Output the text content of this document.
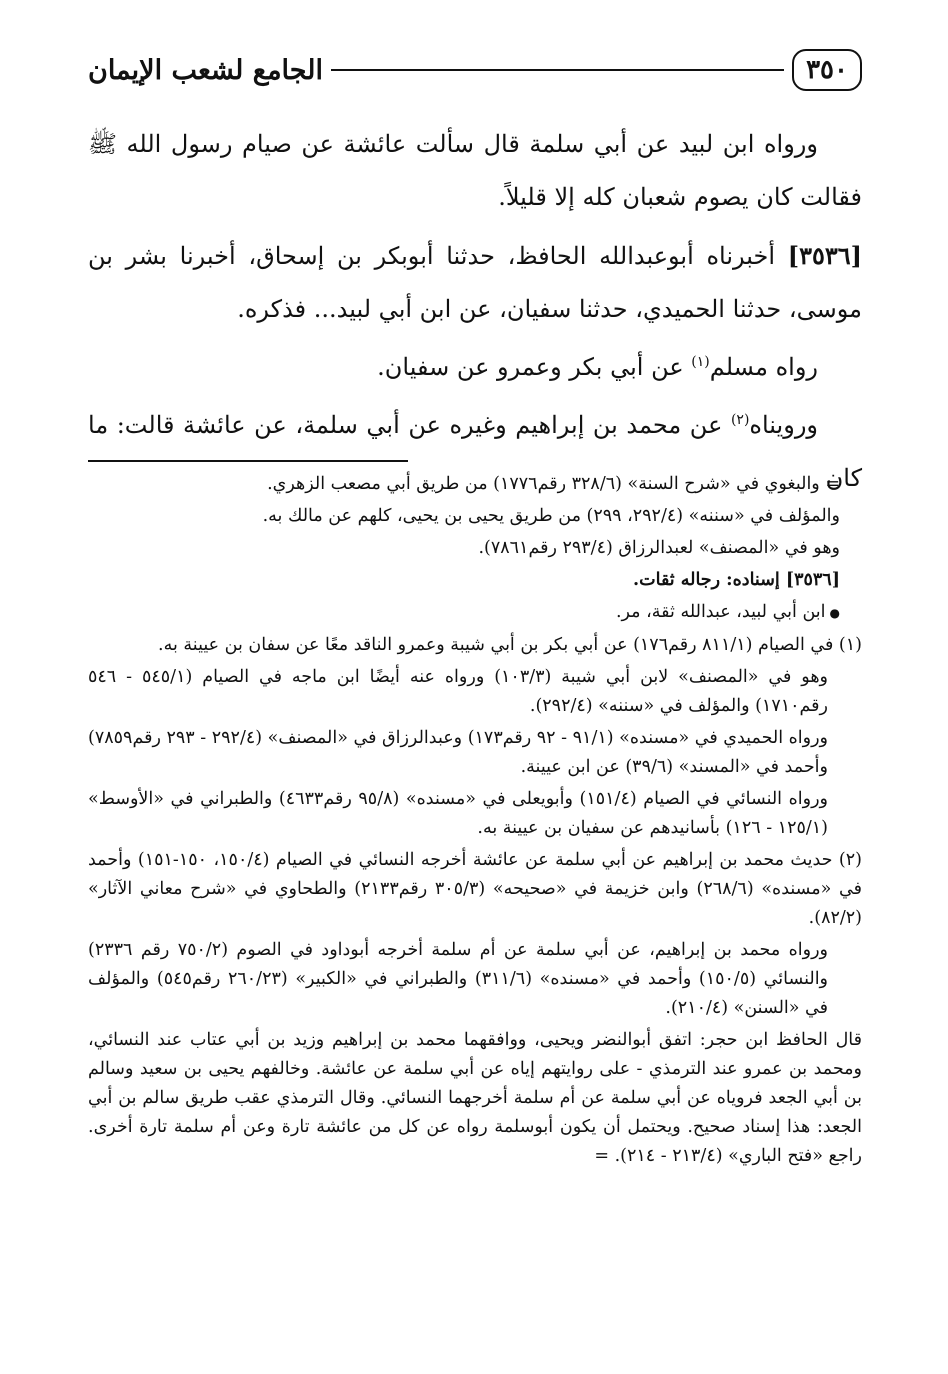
٣٥٠
الجامع لشعب الإيمان

ورواه ابن لبيد عن أبي سلمة قال سألت عائشة عن صيام رسول الله ﷺ فقالت كان يصوم شعبان كله إلا قليلاً.

[٣٥٣٦] أخبرناه أبوعبدالله الحافظ، حدثنا أبوبكر بن إسحاق، أخبرنا بشر بن موسى، حدثنا الحميدي، حدثنا سفيان، عن ابن أبي لبيد... فذكره.

رواه مسلم$^{(١)}$ عن أبي بكر وعمرو عن سفيان.

ورويناه$^{(٢)}$ عن محمد بن إبراهيم وغيره عن أبي سلمة، عن عائشة قالت: ما كان

= والبغوي في «شرح السنة» (٣٢٨/٦ رقم١٧٧٦) من طريق أبي مصعب الزهري.

والمؤلف في «سننه» (٢٩٢/٤، ٢٩٩) من طريق يحيى بن يحيى، كلهم عن مالك به.

وهو في «المصنف» لعبدالرزاق (٢٩٣/٤ رقم٧٨٦١).

[٣٥٣٦] إسناده: رجاله ثقات.

● ابن أبي لبيد، عبدالله ثقة، مر.

(١) في الصيام (٨١١/١ رقم١٧٦) عن أبي بكر بن أبي شيبة وعمرو الناقد معًا عن سفان بن عيينة به.

وهو في «المصنف» لابن أبي شيبة (١٠٣/٣) ورواه عنه أيضًا ابن ماجه في الصيام (٥٤٥/١ - ٥٤٦ رقم١٧١٠) والمؤلف في «سننه» (٢٩٢/٤).

ورواه الحميدي في «مسنده» (٩١/١ - ٩٢ رقم١٧٣) وعبدالرزاق في «المصنف» (٢٩٢/٤ - ٢٩٣ رقم٧٨٥٩) وأحمد في «المسند» (٣٩/٦) عن ابن عيينة.

ورواه النسائي في الصيام (١٥١/٤) وأبويعلى في «مسنده» (٩٥/٨ رقم٤٦٣٣) والطبراني في «الأوسط» (١٢٥/١ - ١٢٦) بأسانيدهم عن سفيان بن عيينة به.

(٢) حديث محمد بن إبراهيم عن أبي سلمة عن عائشة أخرجه النسائي في الصيام (١٥٠/٤، ١٥٠-١٥١) وأحمد في «مسنده» (٢٦٨/٦) وابن خزيمة في «صحيحه» (٣٠٥/٣ رقم٢١٣٣) والطحاوي في «شرح معاني الآثار» (٨٢/٢).

ورواه محمد بن إبراهيم، عن أبي سلمة عن أم سلمة أخرجه أبوداود في الصوم (٧٥٠/٢ رقم ٢٣٣٦) والنسائي (١٥٠/٥) وأحمد في «مسنده» (٣١١/٦) والطبراني في «الكبير» (٢٦٠/٢٣ رقم٥٤٥) والمؤلف في «السنن» (٢١٠/٤).

قال الحافظ ابن حجر: اتفق أبوالنضر ويحيى، ووافقهما محمد بن إبراهيم وزيد بن أبي عتاب عند النسائي، ومحمد بن عمرو عند الترمذي - على روايتهم إياه عن أبي سلمة عن عائشة. وخالفهم يحيى بن سعيد وسالم بن أبي الجعد فروياه عن أبي سلمة عن أم سلمة أخرجهما النسائي. وقال الترمذي عقب طريق سالم بن أبي الجعد: هذا إسناد صحيح. ويحتمل أن يكون أبوسلمة رواه عن كل من عائشة تارة وعن أم سلمة تارة أخرى. راجع «فتح الباري» (٢١٣/٤ - ٢١٤). =
